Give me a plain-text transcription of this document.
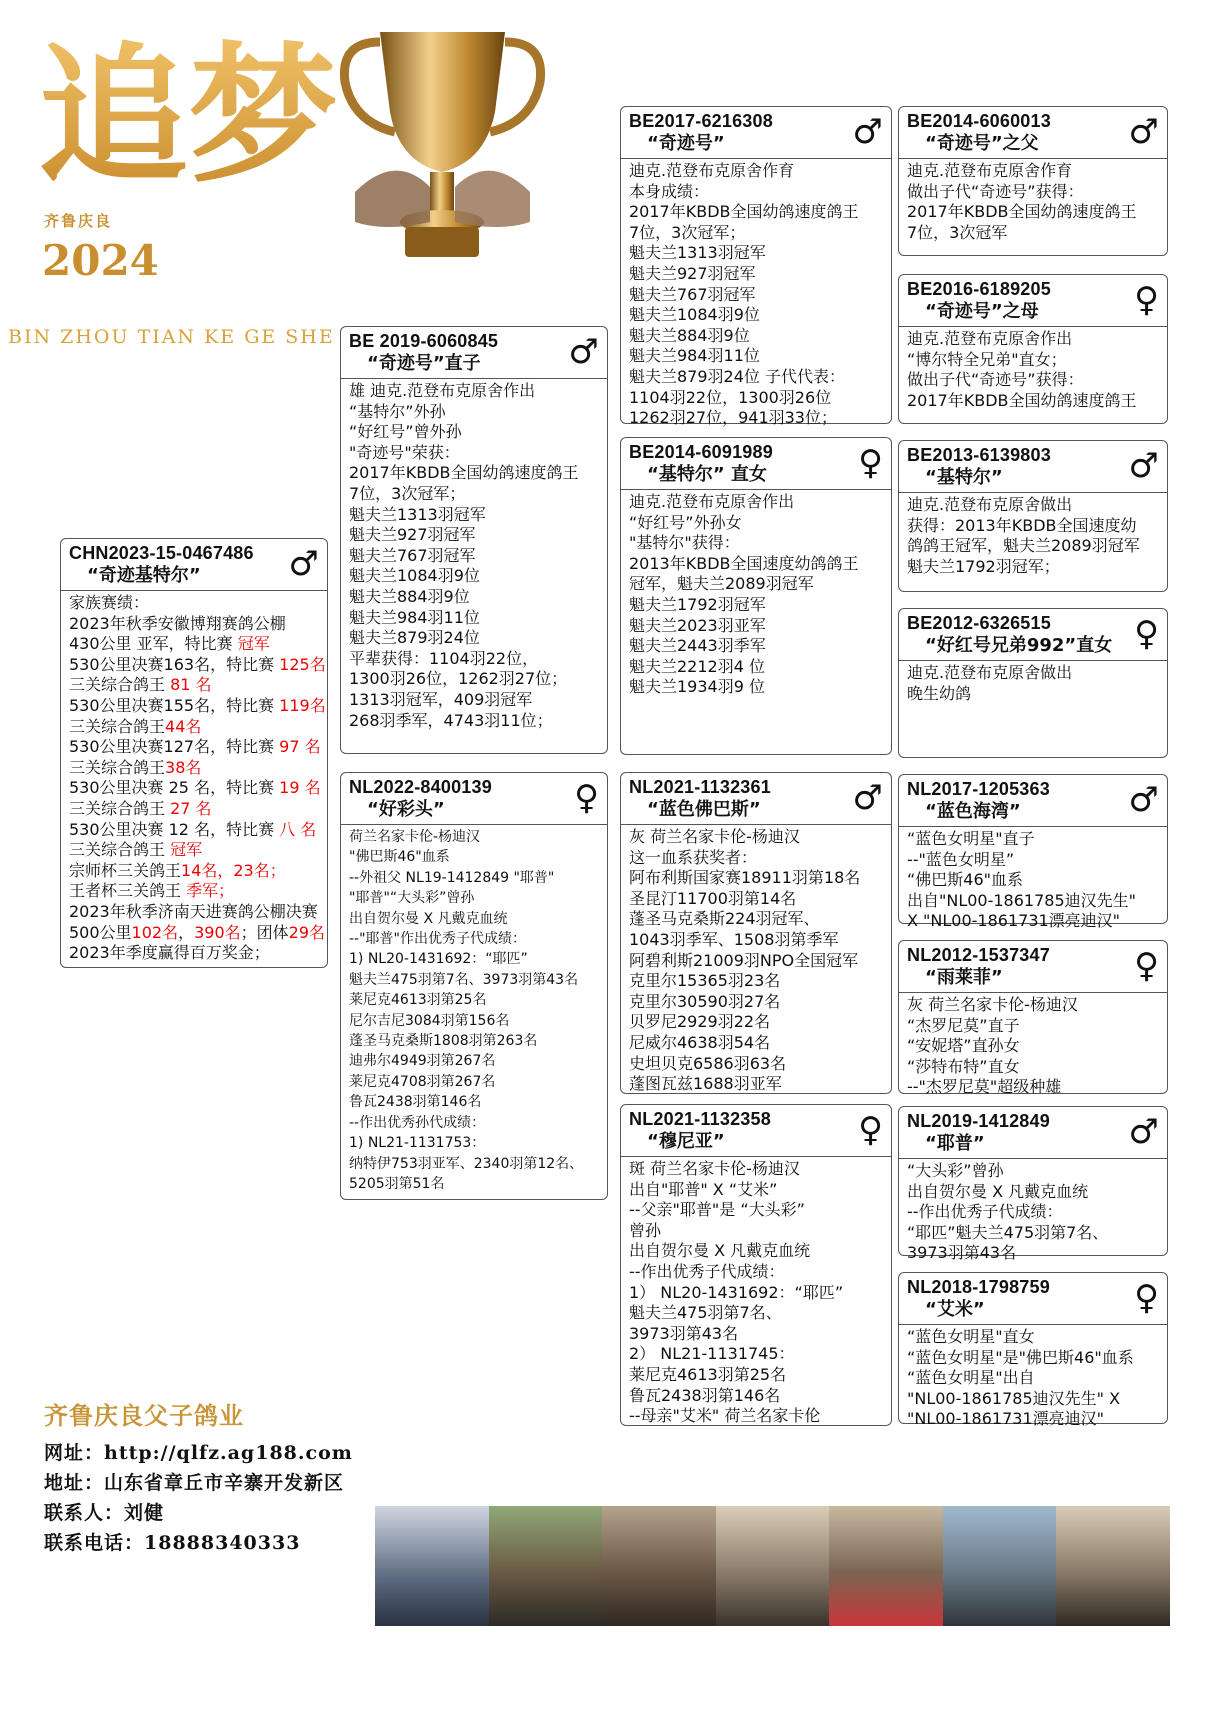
追梦
齐鲁庆良
2024
BIN ZHOU TIAN KE GE SHE
CHN2023-15-0467486
“奇迹基特尔”	♂
家族赛绩：
2023年秋季安徽博翔赛鸽公棚
430公里 亚军，特比赛 冠军
530公里决赛163名，特比赛 125名
三关综合鸽王 81 名
530公里决赛155名，特比赛 119名
三关综合鸽王44名
530公里决赛127名，特比赛 97 名
三关综合鸽王38名
530公里决赛 25 名，特比赛 19 名
三关综合鸽王 27 名
530公里决赛 12 名，特比赛 八 名
三关综合鸽王 冠军
宗师杯三关鸽王14名，23名；
王者杯三关鸽王 季军；
2023年秋季济南天进赛鸽公棚决赛
500公里102名，390名；团体29名
2023年季度赢得百万奖金；
BE 2019-6060845
“奇迹号”直子	♂
雄 迪克.范登布克原舍作出
“基特尔”外孙
“好红号”曾外孙
"奇迹号"荣获：
2017年KBDB全国幼鸽速度鸽王
7位，3次冠军；
魁夫兰1313羽冠军
魁夫兰927羽冠军
魁夫兰767羽冠军
魁夫兰1084羽9位
魁夫兰884羽9位
魁夫兰984羽11位
魁夫兰879羽24位
平辈获得：1104羽22位，
1300羽26位，1262羽27位；
1313羽冠军，409羽冠军
268羽季军，4743羽11位；
NL2022-8400139
“好彩头”	♀
荷兰名家卡伦-杨迪汉
"佛巴斯46"血系
--外祖父 NL19-1412849 "耶普"
"耶普"“大头彩”曾孙
出自贺尔曼 X 凡戴克血统
--"耶普"作出优秀子代成绩：
1) NL20-1431692：“耶匹”
魁夫兰475羽第7名、3973羽第43名
莱尼克4613羽第25名
尼尔吉尼3084羽第156名
蓬圣马克桑斯1808羽第263名
迪弗尔4949羽第267名
莱尼克4708羽第267名
鲁瓦2438羽第146名
--作出优秀孙代成绩：
1) NL21-1131753：
纳特伊753羽亚军、2340羽第12名、
5205羽第51名
BE2017-6216308
“奇迹号”	♂
迪克.范登布克原舍作育
本身成绩：
2017年KBDB全国幼鸽速度鸽王
7位，3次冠军；
魁夫兰1313羽冠军
魁夫兰927羽冠军
魁夫兰767羽冠军
魁夫兰1084羽9位
魁夫兰884羽9位
魁夫兰984羽11位
魁夫兰879羽24位 子代代表：
1104羽22位，1300羽26位
1262羽27位，941羽33位；
BE2014-6091989
“基特尔” 直女	♀
迪克.范登布克原舍作出
“好红号”外孙女
"基特尔"获得：
2013年KBDB全国速度幼鸽鸽王
冠军，魁夫兰2089羽冠军
魁夫兰1792羽冠军
魁夫兰2023羽亚军
魁夫兰2443羽季军
魁夫兰2212羽4 位
魁夫兰1934羽9 位
NL2021-1132361
“蓝色佛巴斯”	♂
灰 荷兰名家卡伦-杨迪汉
这一血系获奖者：
阿布利斯国家赛18911羽第18名
圣昆汀11700羽第14名
蓬圣马克桑斯224羽冠军、
1043羽季军、1508羽第季军
阿碧利斯21009羽NPO全国冠军
克里尔15365羽23名
克里尔30590羽27名
贝罗尼2929羽22名
尼威尔4638羽54名
史坦贝克6586羽63名
蓬图瓦兹1688羽亚军
NL2021-1132358
“穆尼亚”	♀
斑 荷兰名家卡伦-杨迪汉
出自"耶普" X “艾米”
--父亲"耶普"是 “大头彩”
曾孙
出自贺尔曼 X 凡戴克血统
--作出优秀子代成绩：
1） NL20-1431692：“耶匹”
魁夫兰475羽第7名、
3973羽第43名
2） NL21-1131745：
莱尼克4613羽第25名
鲁瓦2438羽第146名
--母亲"艾米" 荷兰名家卡伦
BE2014-6060013
“奇迹号”之父	♂
迪克.范登布克原舍作育
做出子代“奇迹号”获得：
2017年KBDB全国幼鸽速度鸽王
7位，3次冠军
BE2016-6189205
“奇迹号”之母	♀
迪克.范登布克原舍作出
“博尔特全兄弟"直女；
做出子代“奇迹号”获得：
2017年KBDB全国幼鸽速度鸽王
BE2013-6139803
“基特尔”	♂
迪克.范登布克原舍做出
获得：2013年KBDB全国速度幼
鸽鸽王冠军，魁夫兰2089羽冠军
魁夫兰1792羽冠军；
BE2012-6326515
“好红号兄弟992”直女 ♀
迪克.范登布克原舍做出
晚生幼鸽
NL2017-1205363
“蓝色海湾”	♂
“蓝色女明星"直子
--"蓝色女明星”
“佛巴斯46"血系
出自"NL00-1861785迪汉先生"
X "NL00-1861731漂亮迪汉"
NL2012-1537347
“雨莱菲”	♀
灰 荷兰名家卡伦-杨迪汉
“杰罗尼莫”直子
“安妮塔”直孙女
“莎特布特”直女
--"杰罗尼莫"超级种雄
NL2019-1412849
“耶普”	♂
“大头彩”曾孙
出自贺尔曼 X 凡戴克血统
--作出优秀子代成绩：
“耶匹”魁夫兰475羽第7名、
3973羽第43名
NL2018-1798759
“艾米”	♀
“蓝色女明星"直女
“蓝色女明星"是"佛巴斯46"血系
“蓝色女明星"出自
"NL00-1861785迪汉先生" X
"NL00-1861731漂亮迪汉"
齐鲁庆良父子鸽业
网址：http://qlfz.ag188.com
地址：山东省章丘市辛寨开发新区
联系人：刘健
联系电话：18888340333
